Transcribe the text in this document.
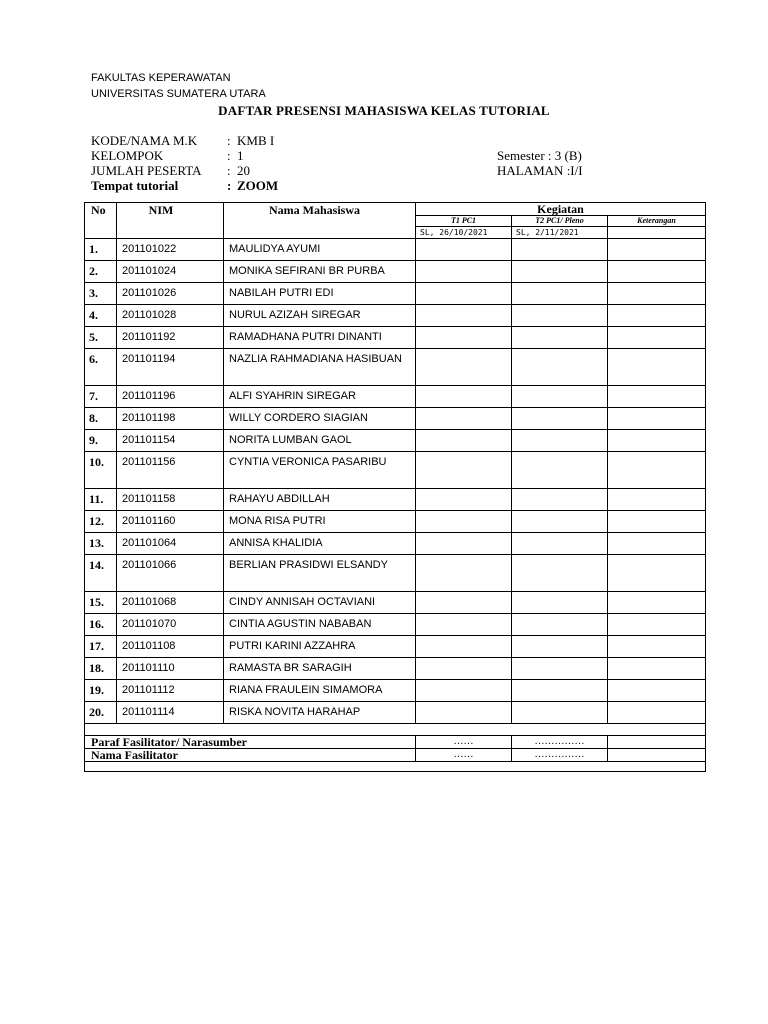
FAKULTAS KEPERAWATAN
UNIVERSITAS SUMATERA UTARA
DAFTAR PRESENSI MAHASISWA KELAS TUTORIAL
KODE/NAMA M.K : KMB I
KELOMPOK	: 1	Semester : 3 (B)
JUMLAH PESERTA : 20	HALAMAN :I/I
Tempat tutorial	: ZOOM
No	NIM	Nama Mahasiswa	Kegiatan		
			T1 PC1	T2 PC1/ Pleno	Keterangan
			SL, 26/10/2021	SL, 2/11/2021	
1.	201101022	MAULIDYA AYUMI			
2.	201101024	MONIKA SEFIRANI BR PURBA			
3.	201101026	NABILAH PUTRI EDI			
4.	201101028	NURUL AZIZAH SIREGAR			
5.	201101192	RAMADHANA PUTRI DINANTI			
6.	201101194	NAZLIA RAHMADIANA HASIBUAN			
7.	201101196	ALFI SYAHRIN SIREGAR			
8.	201101198	WILLY CORDERO SIAGIAN			
9.	201101154	NORITA LUMBAN GAOL			
10.	201101156	CYNTIA VERONICA PASARIBU			
11.	201101158	RAHAYU ABDILLAH			
12.	201101160	MONA RISA PUTRI			
13.	201101064	ANNISA KHALIDIA			
14.	201101066	BERLIAN PRASIDWI ELSANDY			
15.	201101068	CINDY ANNISAH OCTAVIANI			
16.	201101070	CINTIA AGUSTIN NABABAN			
17.	201101108	PUTRI KARINI AZZAHRA			
18.	201101110	RAMASTA BR SARAGIH			
19.	201101112	RIANA FRAULEIN SIMAMORA			
20.	201101114	RISKA NOVITA HARAHAP			

Paraf Fasilitator/ Narasumber			……	……………	
Nama Fasilitator			……	……………	
